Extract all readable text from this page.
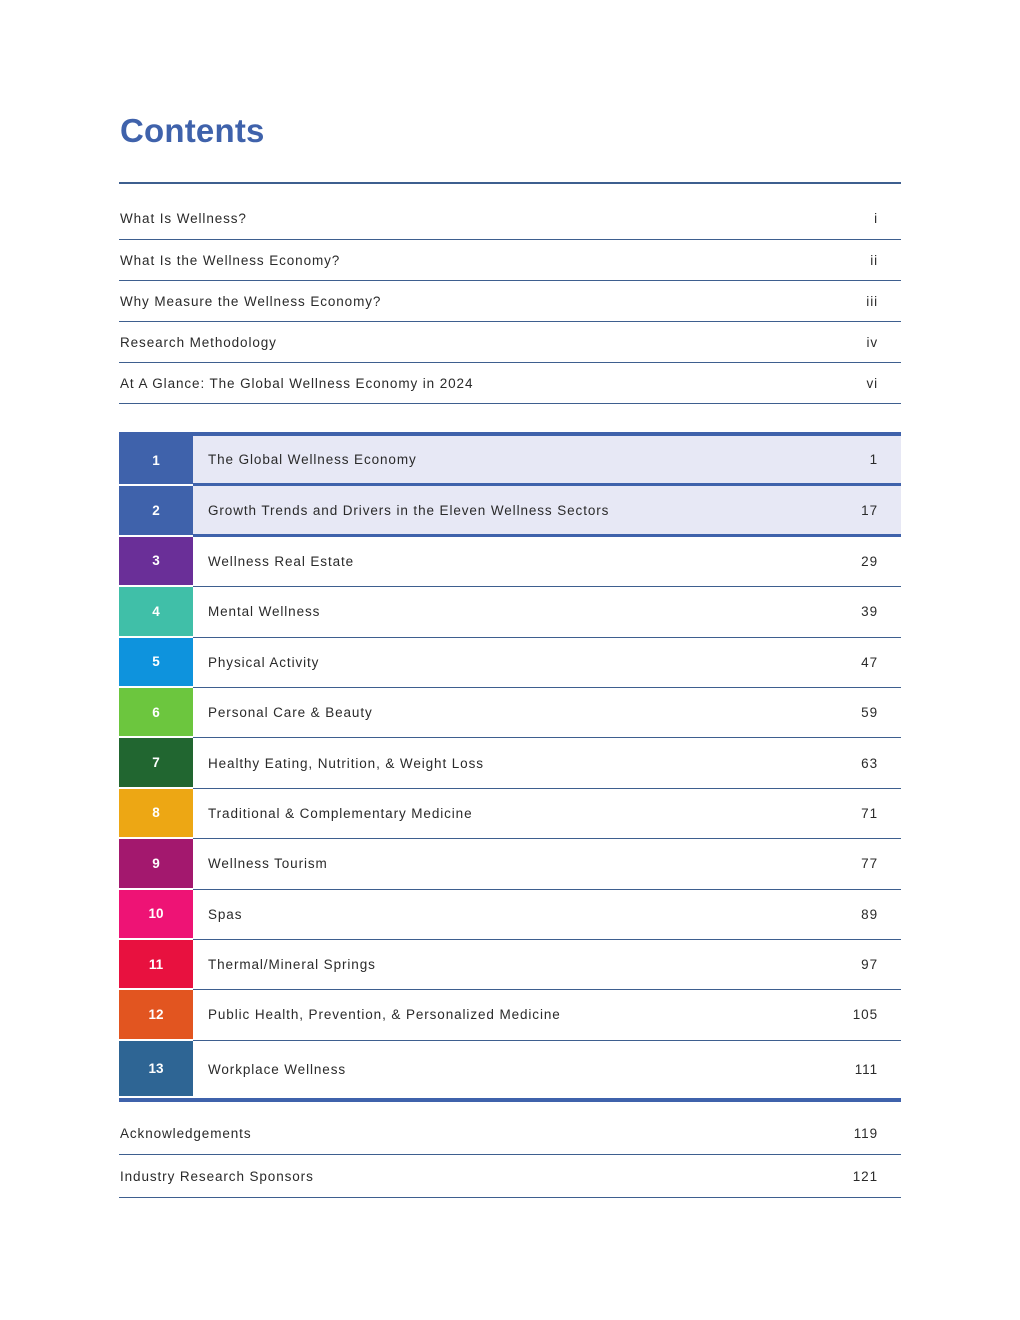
Contents
What Is Wellness?	i
What Is the Wellness Economy?	ii
Why Measure the Wellness Economy?	iii
Research Methodology	iv
At A Glance: The Global Wellness Economy in 2024	vi
1	The Global Wellness Economy	1
2	Growth Trends and Drivers in the Eleven Wellness Sectors	17
3	Wellness Real Estate	29
4	Mental Wellness	39
5	Physical Activity	47
6	Personal Care & Beauty	59
7	Healthy Eating, Nutrition, & Weight Loss	63
8	Traditional & Complementary Medicine	71
9	Wellness Tourism	77
10	Spas	89
11	Thermal/Mineral Springs	97
12	Public Health, Prevention, & Personalized Medicine	105
13	Workplace Wellness	111
Acknowledgements	119
Industry Research Sponsors	121
